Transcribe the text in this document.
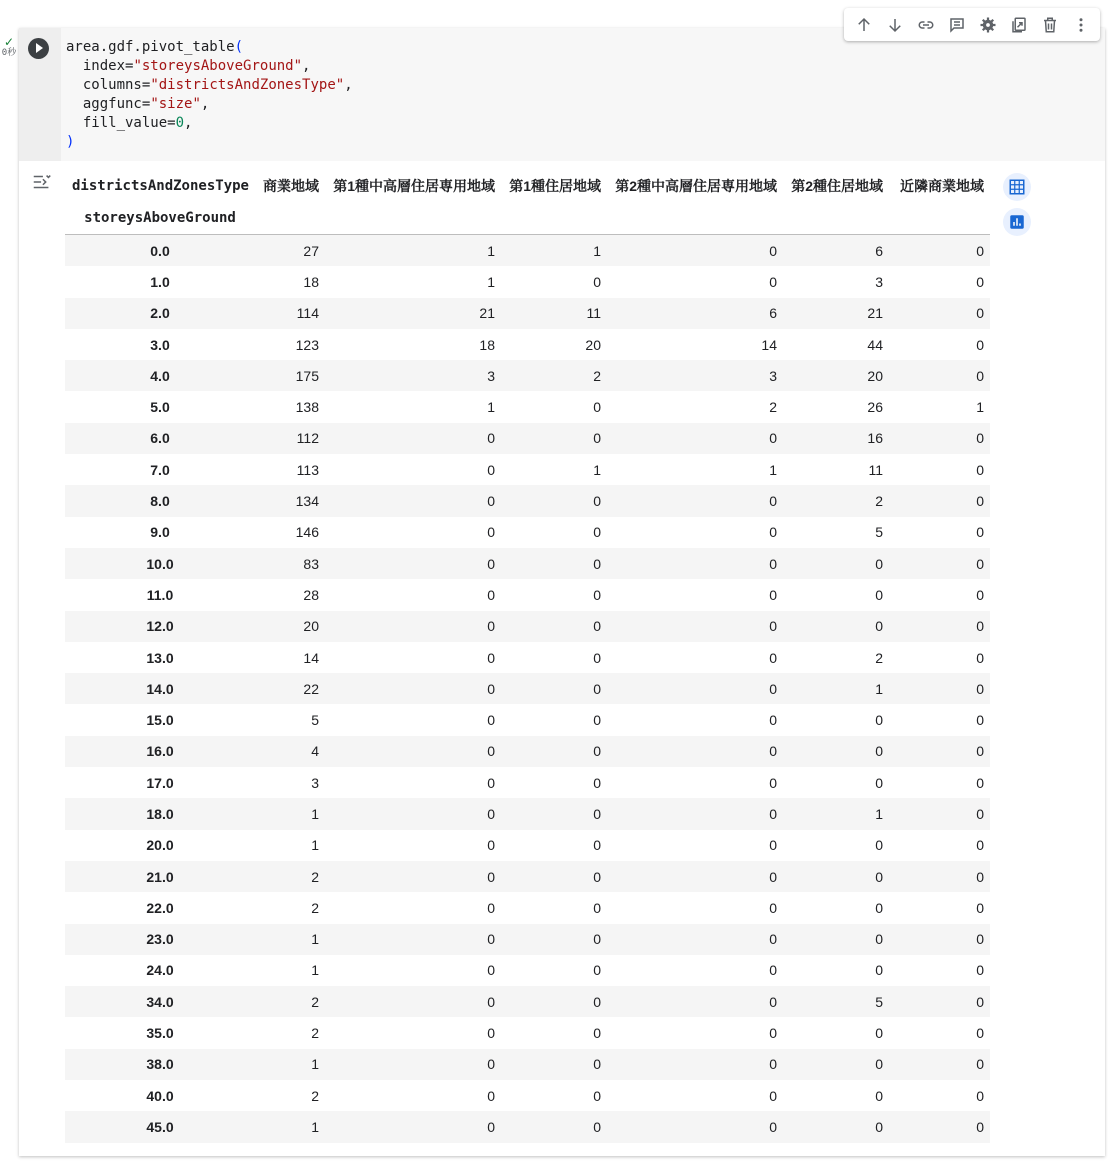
✓
0秒	area.gdf.pivot_table(
index="storeysAboveGround",
columns="districtsAndZonesType",
aggfunc="size",
fill_value=0,
)
districtsAndZonesType	商業地域	第1種中高層住居専用地域	第1種住居地域	第2種中高層住居専用地域	第2種住居地域	近隣商業地域
storeysAboveGround						
0.0	27	1	1	0	6	0
1.0	18	1	0	0	3	0
2.0	114	21	11	6	21	0
3.0	123	18	20	14	44	0
4.0	175	3	2	3	20	0
5.0	138	1	0	2	26	1
6.0	112	0	0	0	16	0
7.0	113	0	1	1	11	0
8.0	134	0	0	0	2	0
9.0	146	0	0	0	5	0
10.0	83	0	0	0	0	0
11.0	28	0	0	0	0	0
12.0	20	0	0	0	0	0
13.0	14	0	0	0	2	0
14.0	22	0	0	0	1	0
15.0	5	0	0	0	0	0
16.0	4	0	0	0	0	0
17.0	3	0	0	0	0	0
18.0	1	0	0	0	1	0
20.0	1	0	0	0	0	0
21.0	2	0	0	0	0	0
22.0	2	0	0	0	0	0
23.0	1	0	0	0	0	0
24.0	1	0	0	0	0	0
34.0	2	0	0	0	5	0
35.0	2	0	0	0	0	0
38.0	1	0	0	0	0	0
40.0	2	0	0	0	0	0
45.0	1	0	0	0	0	0
